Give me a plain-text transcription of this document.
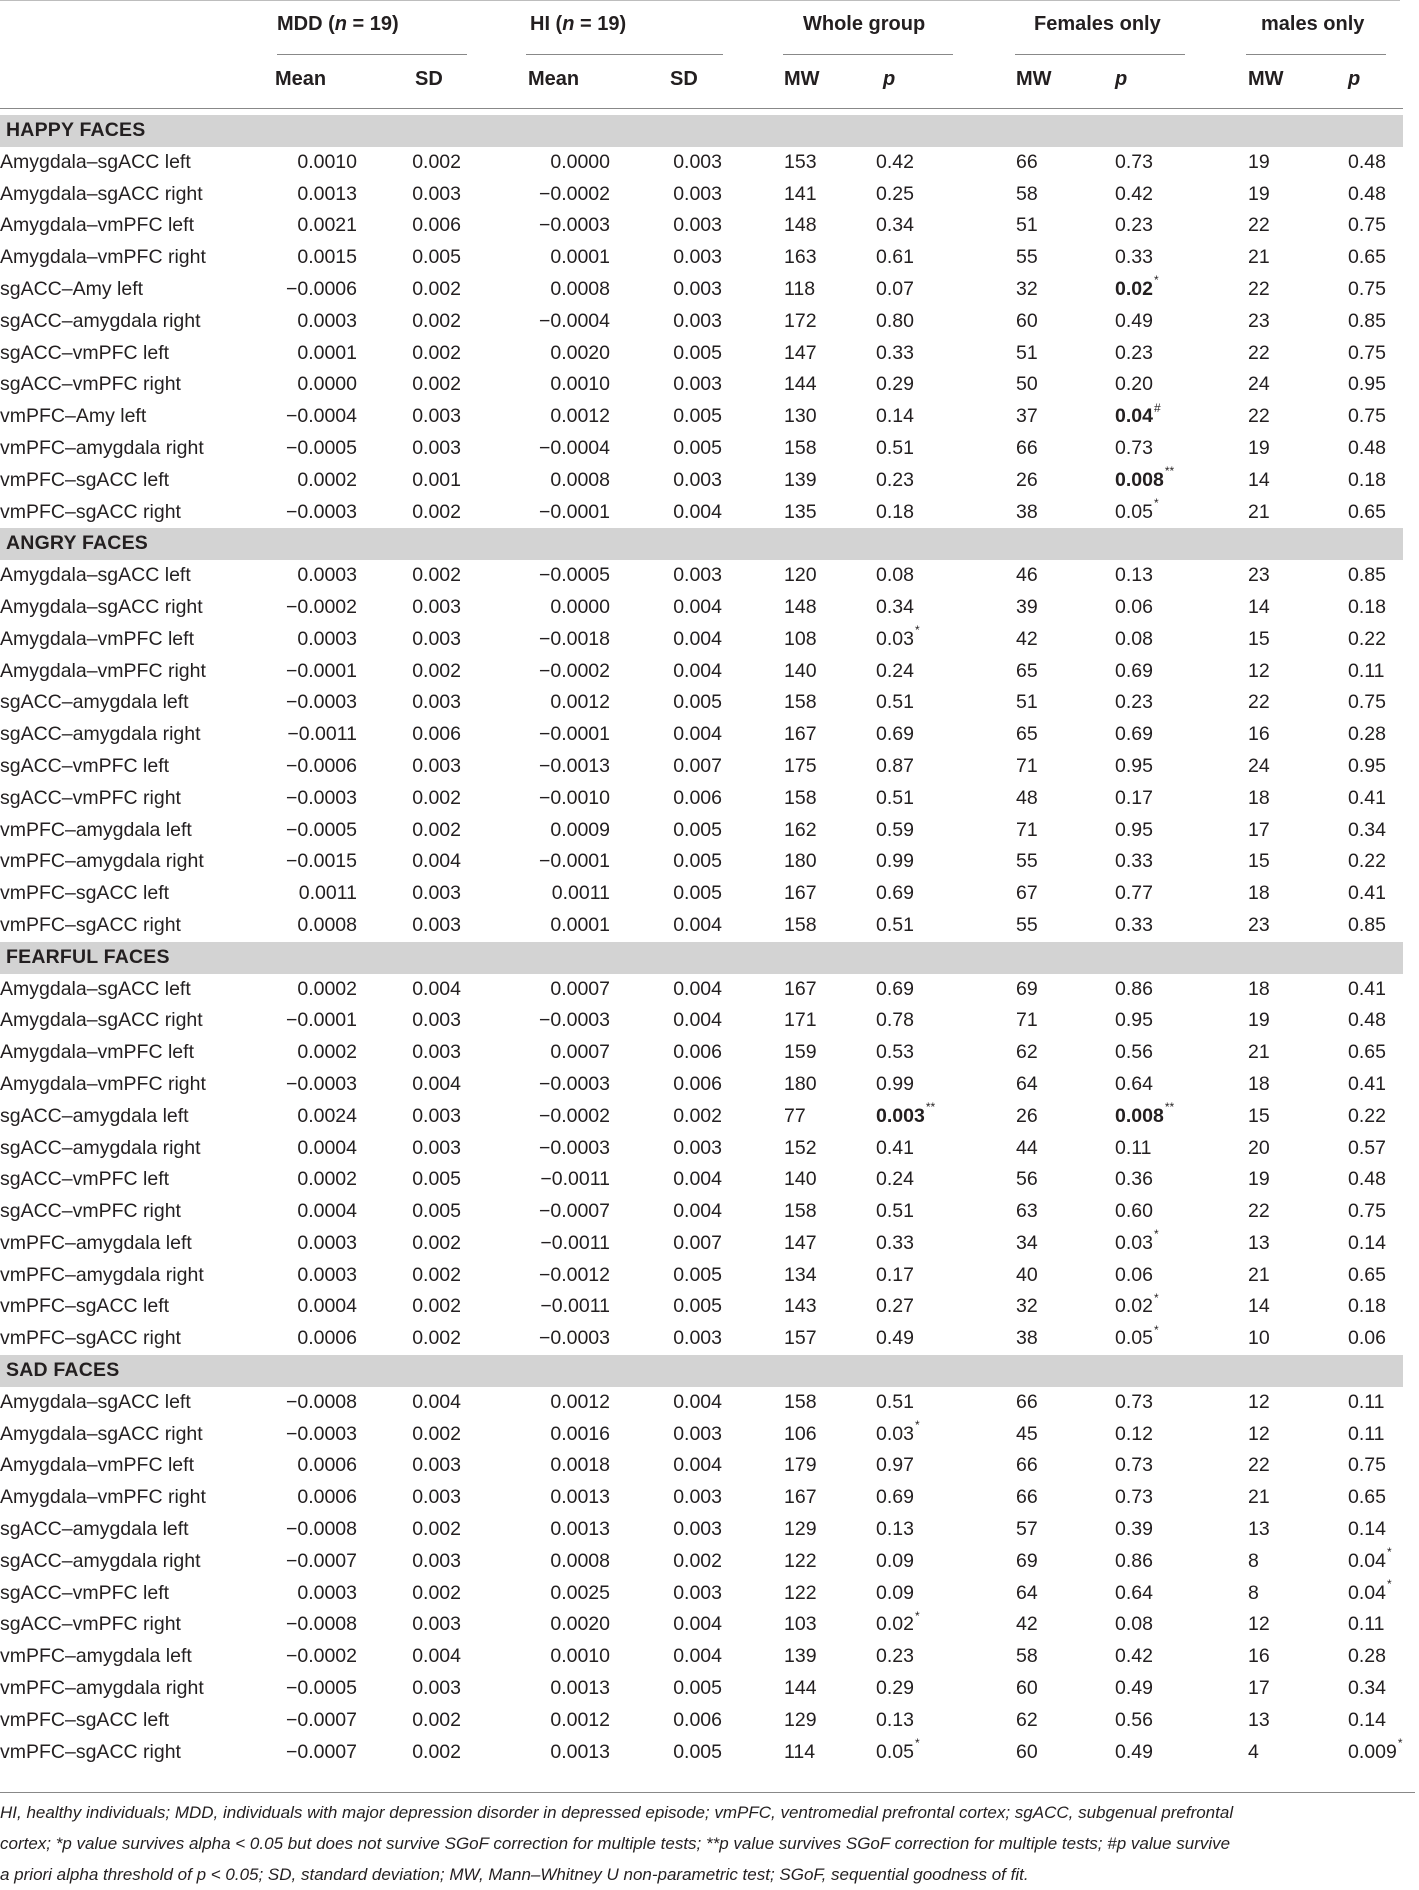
MDD (n = 19)	HI (n = 19)	Whole group	Females only	males only
Mean	SD	Mean	SD	MW	p	MW	p	MW	p
HAPPY FACES
Amygdala–sgACC left	0.0010	0.002	0.0000	0.003	153	0.42	66	0.73	19	0.48
Amygdala–sgACC right	0.0013	0.003	−0.0002	0.003	141	0.25	58	0.42	19	0.48
Amygdala–vmPFC left	0.0021	0.006	−0.0003	0.003	148	0.34	51	0.23	22	0.75
Amygdala–vmPFC right	0.0015	0.005	0.0001	0.003	163	0.61	55	0.33	21	0.65
sgACC–Amy left	−0.0006	0.002	0.0008	0.003	118	0.07	32	0.02*	22	0.75
sgACC–amygdala right	0.0003	0.002	−0.0004	0.003	172	0.80	60	0.49	23	0.85
sgACC–vmPFC left	0.0001	0.002	0.0020	0.005	147	0.33	51	0.23	22	0.75
sgACC–vmPFC right	0.0000	0.002	0.0010	0.003	144	0.29	50	0.20	24	0.95
vmPFC–Amy left	−0.0004	0.003	0.0012	0.005	130	0.14	37	0.04#	22	0.75
vmPFC–amygdala right	−0.0005	0.003	−0.0004	0.005	158	0.51	66	0.73	19	0.48
vmPFC–sgACC left	0.0002	0.001	0.0008	0.003	139	0.23	26	0.008**	14	0.18
vmPFC–sgACC right	−0.0003	0.002	−0.0001	0.004	135	0.18	38	0.05*	21	0.65
ANGRY FACES
Amygdala–sgACC left	0.0003	0.002	−0.0005	0.003	120	0.08	46	0.13	23	0.85
Amygdala–sgACC right	−0.0002	0.003	0.0000	0.004	148	0.34	39	0.06	14	0.18
Amygdala–vmPFC left	0.0003	0.003	−0.0018	0.004	108	0.03*	42	0.08	15	0.22
Amygdala–vmPFC right	−0.0001	0.002	−0.0002	0.004	140	0.24	65	0.69	12	0.11
sgACC–amygdala left	−0.0003	0.003	0.0012	0.005	158	0.51	51	0.23	22	0.75
sgACC–amygdala right	−0.0011	0.006	−0.0001	0.004	167	0.69	65	0.69	16	0.28
sgACC–vmPFC left	−0.0006	0.003	−0.0013	0.007	175	0.87	71	0.95	24	0.95
sgACC–vmPFC right	−0.0003	0.002	−0.0010	0.006	158	0.51	48	0.17	18	0.41
vmPFC–amygdala left	−0.0005	0.002	0.0009	0.005	162	0.59	71	0.95	17	0.34
vmPFC–amygdala right	−0.0015	0.004	−0.0001	0.005	180	0.99	55	0.33	15	0.22
vmPFC–sgACC left	0.0011	0.003	0.0011	0.005	167	0.69	67	0.77	18	0.41
vmPFC–sgACC right	0.0008	0.003	0.0001	0.004	158	0.51	55	0.33	23	0.85
FEARFUL FACES
Amygdala–sgACC left	0.0002	0.004	0.0007	0.004	167	0.69	69	0.86	18	0.41
Amygdala–sgACC right	−0.0001	0.003	−0.0003	0.004	171	0.78	71	0.95	19	0.48
Amygdala–vmPFC left	0.0002	0.003	0.0007	0.006	159	0.53	62	0.56	21	0.65
Amygdala–vmPFC right	−0.0003	0.004	−0.0003	0.006	180	0.99	64	0.64	18	0.41
sgACC–amygdala left	0.0024	0.003	−0.0002	0.002	77	0.003**	26	0.008**	15	0.22
sgACC–amygdala right	0.0004	0.003	−0.0003	0.003	152	0.41	44	0.11	20	0.57
sgACC–vmPFC left	0.0002	0.005	−0.0011	0.004	140	0.24	56	0.36	19	0.48
sgACC–vmPFC right	0.0004	0.005	−0.0007	0.004	158	0.51	63	0.60	22	0.75
vmPFC–amygdala left	0.0003	0.002	−0.0011	0.007	147	0.33	34	0.03*	13	0.14
vmPFC–amygdala right	0.0003	0.002	−0.0012	0.005	134	0.17	40	0.06	21	0.65
vmPFC–sgACC left	0.0004	0.002	−0.0011	0.005	143	0.27	32	0.02*	14	0.18
vmPFC–sgACC right	0.0006	0.002	−0.0003	0.003	157	0.49	38	0.05*	10	0.06
SAD FACES
Amygdala–sgACC left	−0.0008	0.004	0.0012	0.004	158	0.51	66	0.73	12	0.11
Amygdala–sgACC right	−0.0003	0.002	0.0016	0.003	106	0.03*	45	0.12	12	0.11
Amygdala–vmPFC left	0.0006	0.003	0.0018	0.004	179	0.97	66	0.73	22	0.75
Amygdala–vmPFC right	0.0006	0.003	0.0013	0.003	167	0.69	66	0.73	21	0.65
sgACC–amygdala left	−0.0008	0.002	0.0013	0.003	129	0.13	57	0.39	13	0.14
sgACC–amygdala right	−0.0007	0.003	0.0008	0.002	122	0.09	69	0.86	8	0.04*
sgACC–vmPFC left	0.0003	0.002	0.0025	0.003	122	0.09	64	0.64	8	0.04*
sgACC–vmPFC right	−0.0008	0.003	0.0020	0.004	103	0.02*	42	0.08	12	0.11
vmPFC–amygdala left	−0.0002	0.004	0.0010	0.004	139	0.23	58	0.42	16	0.28
vmPFC–amygdala right	−0.0005	0.003	0.0013	0.005	144	0.29	60	0.49	17	0.34
vmPFC–sgACC left	−0.0007	0.002	0.0012	0.006	129	0.13	62	0.56	13	0.14
vmPFC–sgACC right	−0.0007	0.002	0.0013	0.005	114	0.05*	60	0.49	4	0.009*
HI, healthy individuals; MDD, individuals with major depression disorder in depressed episode; vmPFC, ventromedial prefrontal cortex; sgACC, subgenual prefrontal
cortex; *p value survives alpha < 0.05 but does not survive SGoF correction for multiple tests; **p value survives SGoF correction for multiple tests; #p value survive
a priori alpha threshold of p < 0.05; SD, standard deviation; MW, Mann–Whitney U non-parametric test; SGoF, sequential goodness of fit.
